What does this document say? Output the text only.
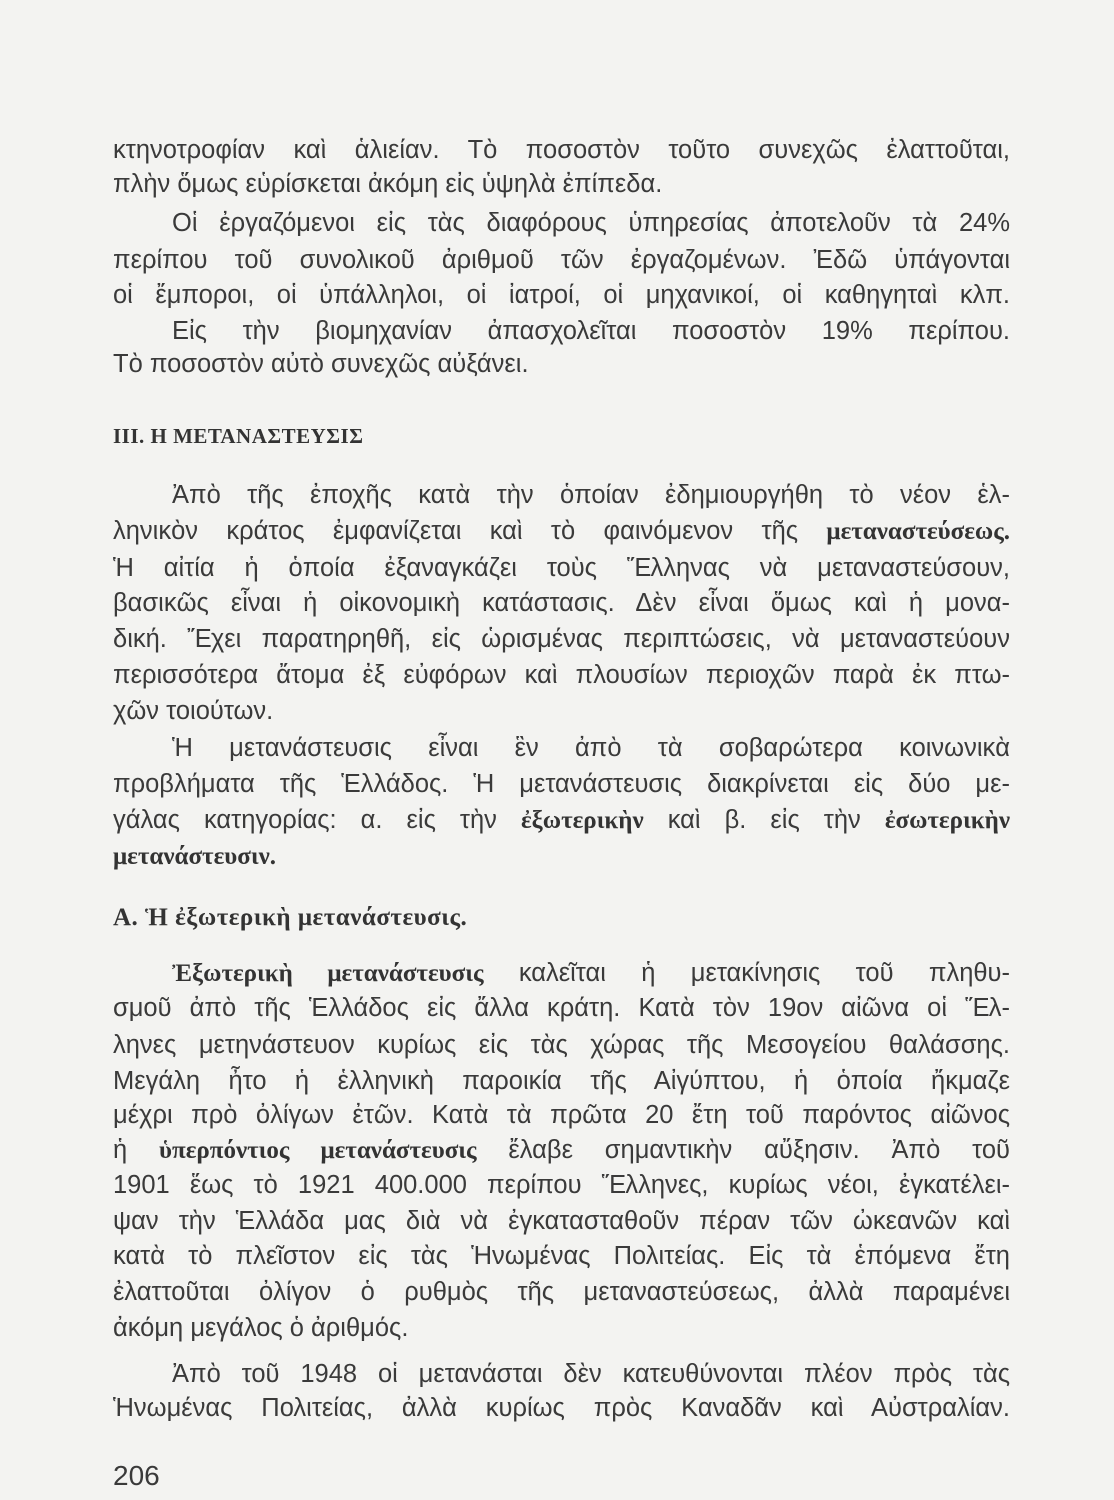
κτηνοτροφίαν καὶ ἁλιείαν. Τὸ ποσοστὸν τοῦτο συνεχῶς ἐλαττοῦται,
πλὴν ὅμως εὑρίσκεται ἀκόμη εἰς ὑψηλὰ ἐπίπεδα.
Οἱ ἐργαζόμενοι εἰς τὰς διαφόρους ὑπηρεσίας ἀποτελοῦν τὰ 24%
περίπου τοῦ συνολικοῦ ἀριθμοῦ τῶν ἐργαζομένων. Ἐδῶ ὑπάγονται
οἱ ἔμποροι, οἱ ὑπάλληλοι, οἱ ἰατροί, οἱ μηχανικοί, οἱ καθηγηταὶ κλπ.
Εἰς τὴν βιομηχανίαν ἀπασχολεῖται ποσοστὸν 19% περίπου.
Τὸ ποσοστὸν αὐτὸ συνεχῶς αὐξάνει.
Ἀπὸ τῆς ἐποχῆς κατὰ τὴν ὁποίαν ἐδημιουργήθη τὸ νέον ἑλ-
ληνικὸν κράτος ἐμφανίζεται καὶ τὸ φαινόμενον τῆς μεταναστεύσεως.
Ἡ αἰτία ἡ ὁποία ἐξαναγκάζει τοὺς Ἕλληνας νὰ μεταναστεύσουν,
βασικῶς εἶναι ἡ οἰκονομικὴ κατάστασις. Δὲν εἶναι ὅμως καὶ ἡ μονα-
δική. Ἔχει παρατηρηθῆ, εἰς ὡρισμένας περιπτώσεις, νὰ μεταναστεύουν
περισσότερα ἄτομα ἐξ εὐφόρων καὶ πλουσίων περιοχῶν παρὰ ἐκ πτω-
χῶν τοιούτων.
Ἡ μετανάστευσις εἶναι ἓν ἀπὸ τὰ σοβαρώτερα κοινωνικὰ
προβλήματα τῆς Ἑλλάδος. Ἡ μετανάστευσις διακρίνεται εἰς δύο με-
γάλας κατηγορίας: α. εἰς τὴν ἐξωτερικὴν καὶ β. εἰς τὴν ἐσωτερικὴν
μετανάστευσιν.
Ἐξωτερικὴ μετανάστευσις καλεῖται ἡ μετακίνησις τοῦ πληθυ-
σμοῦ ἀπὸ τῆς Ἑλλάδος εἰς ἄλλα κράτη. Κατὰ τὸν 19ον αἰῶνα οἱ Ἕλ-
ληνες μετηνάστευον κυρίως εἰς τὰς χώρας τῆς Μεσογείου θαλάσσης.
Μεγάλη ἦτο ἡ ἑλληνικὴ παροικία τῆς Αἰγύπτου, ἡ ὁποία ἤκμαζε
μέχρι πρὸ ὀλίγων ἐτῶν. Κατὰ τὰ πρῶτα 20 ἔτη τοῦ παρόντος αἰῶνος
ἡ ὑπερπόντιος μετανάστευσις ἔλαβε σημαντικὴν αὔξησιν. Ἀπὸ τοῦ
1901 ἕως τὸ 1921 400.000 περίπου Ἕλληνες, κυρίως νέοι, ἐγκατέλει-
ψαν τὴν Ἑλλάδα μας διὰ νὰ ἐγκατασταθοῦν πέραν τῶν ὠκεανῶν καὶ
κατὰ τὸ πλεῖστον εἰς τὰς Ἡνωμένας Πολιτείας. Εἰς τὰ ἑπόμενα ἔτη
ἐλαττοῦται ὀλίγον ὁ ρυθμὸς τῆς μεταναστεύσεως, ἀλλὰ παραμένει
ἀκόμη μεγάλος ὁ ἀριθμός.
Ἀπὸ τοῦ 1948 οἱ μετανάσται δὲν κατευθύνονται πλέον πρὸς τὰς
Ἡνωμένας Πολιτείας, ἀλλὰ κυρίως πρὸς Καναδᾶν καὶ Αὐστραλίαν.
III. Η ΜΕΤΑΝΑΣΤΕΥΣΙΣ
Α. Ἡ ἐξωτερικὴ μετανάστευσις.
206
